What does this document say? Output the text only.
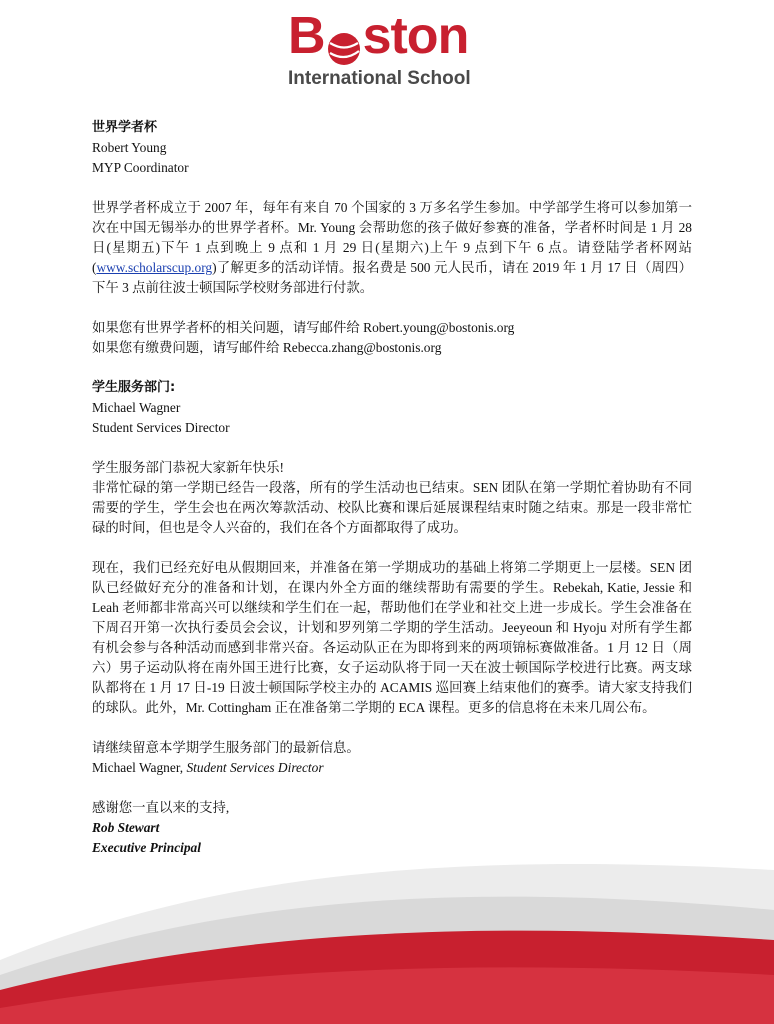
B ston
International School

世界学者杯

Robert Young

MYP Coordinator

世界学者杯成立于 2007 年，每年有来自 70 个国家的 3 万多名学生参加。中学部学生将可以参加第一次在中国无锡举办的世界学者杯。Mr. Young 会帮助您的孩子做好参赛的准备，学者杯时间是 1 月 28 日(星期五)下午 1 点到晚上 9 点和 1 月 29 日(星期六)上午 9 点到下午 6 点。请登陆学者杯网站(www.scholarscup.org)了解更多的活动详情。报名费是 500 元人民币，请在 2019 年 1 月 17 日（周四）下午 3 点前往波士顿国际学校财务部进行付款。

如果您有世界学者杯的相关问题，请写邮件给 Robert.young@bostonis.org

如果您有缴费问题，请写邮件给 Rebecca.zhang@bostonis.org

学生服务部门:

Michael Wagner

Student Services Director

学生服务部门恭祝大家新年快乐!

非常忙碌的第一学期已经告一段落，所有的学生活动也已结束。SEN 团队在第一学期忙着协助有不同需要的学生，学生会也在两次筹款活动、校队比赛和课后延展课程结束时随之结束。那是一段非常忙碌的时间，但也是令人兴奋的，我们在各个方面都取得了成功。

现在，我们已经充好电从假期回来，并准备在第一学期成功的基础上将第二学期更上一层楼。SEN 团队已经做好充分的准备和计划，在课内外全方面的继续帮助有需要的学生。Rebekah, Katie, Jessie 和 Leah 老师都非常高兴可以继续和学生们在一起，帮助他们在学业和社交上进一步成长。学生会准备在下周召开第一次执行委员会会议，计划和罗列第二学期的学生活动。Jeeyeoun 和 Hyoju 对所有学生都有机会参与各种活动而感到非常兴奋。各运动队正在为即将到来的两项锦标赛做准备。1 月 12 日（周六）男子运动队将在南外国王进行比赛，女子运动队将于同一天在波士顿国际学校进行比赛。两支球队都将在 1 月 17 日-19 日波士顿国际学校主办的 ACAMIS 巡回赛上结束他们的赛季。请大家支持我们的球队。此外，Mr. Cottingham 正在准备第二学期的 ECA 课程。更多的信息将在未来几周公布。

请继续留意本学期学生服务部门的最新信息。

Michael Wagner, Student Services Director

感谢您一直以来的支持,

Rob Stewart

Executive Principal
